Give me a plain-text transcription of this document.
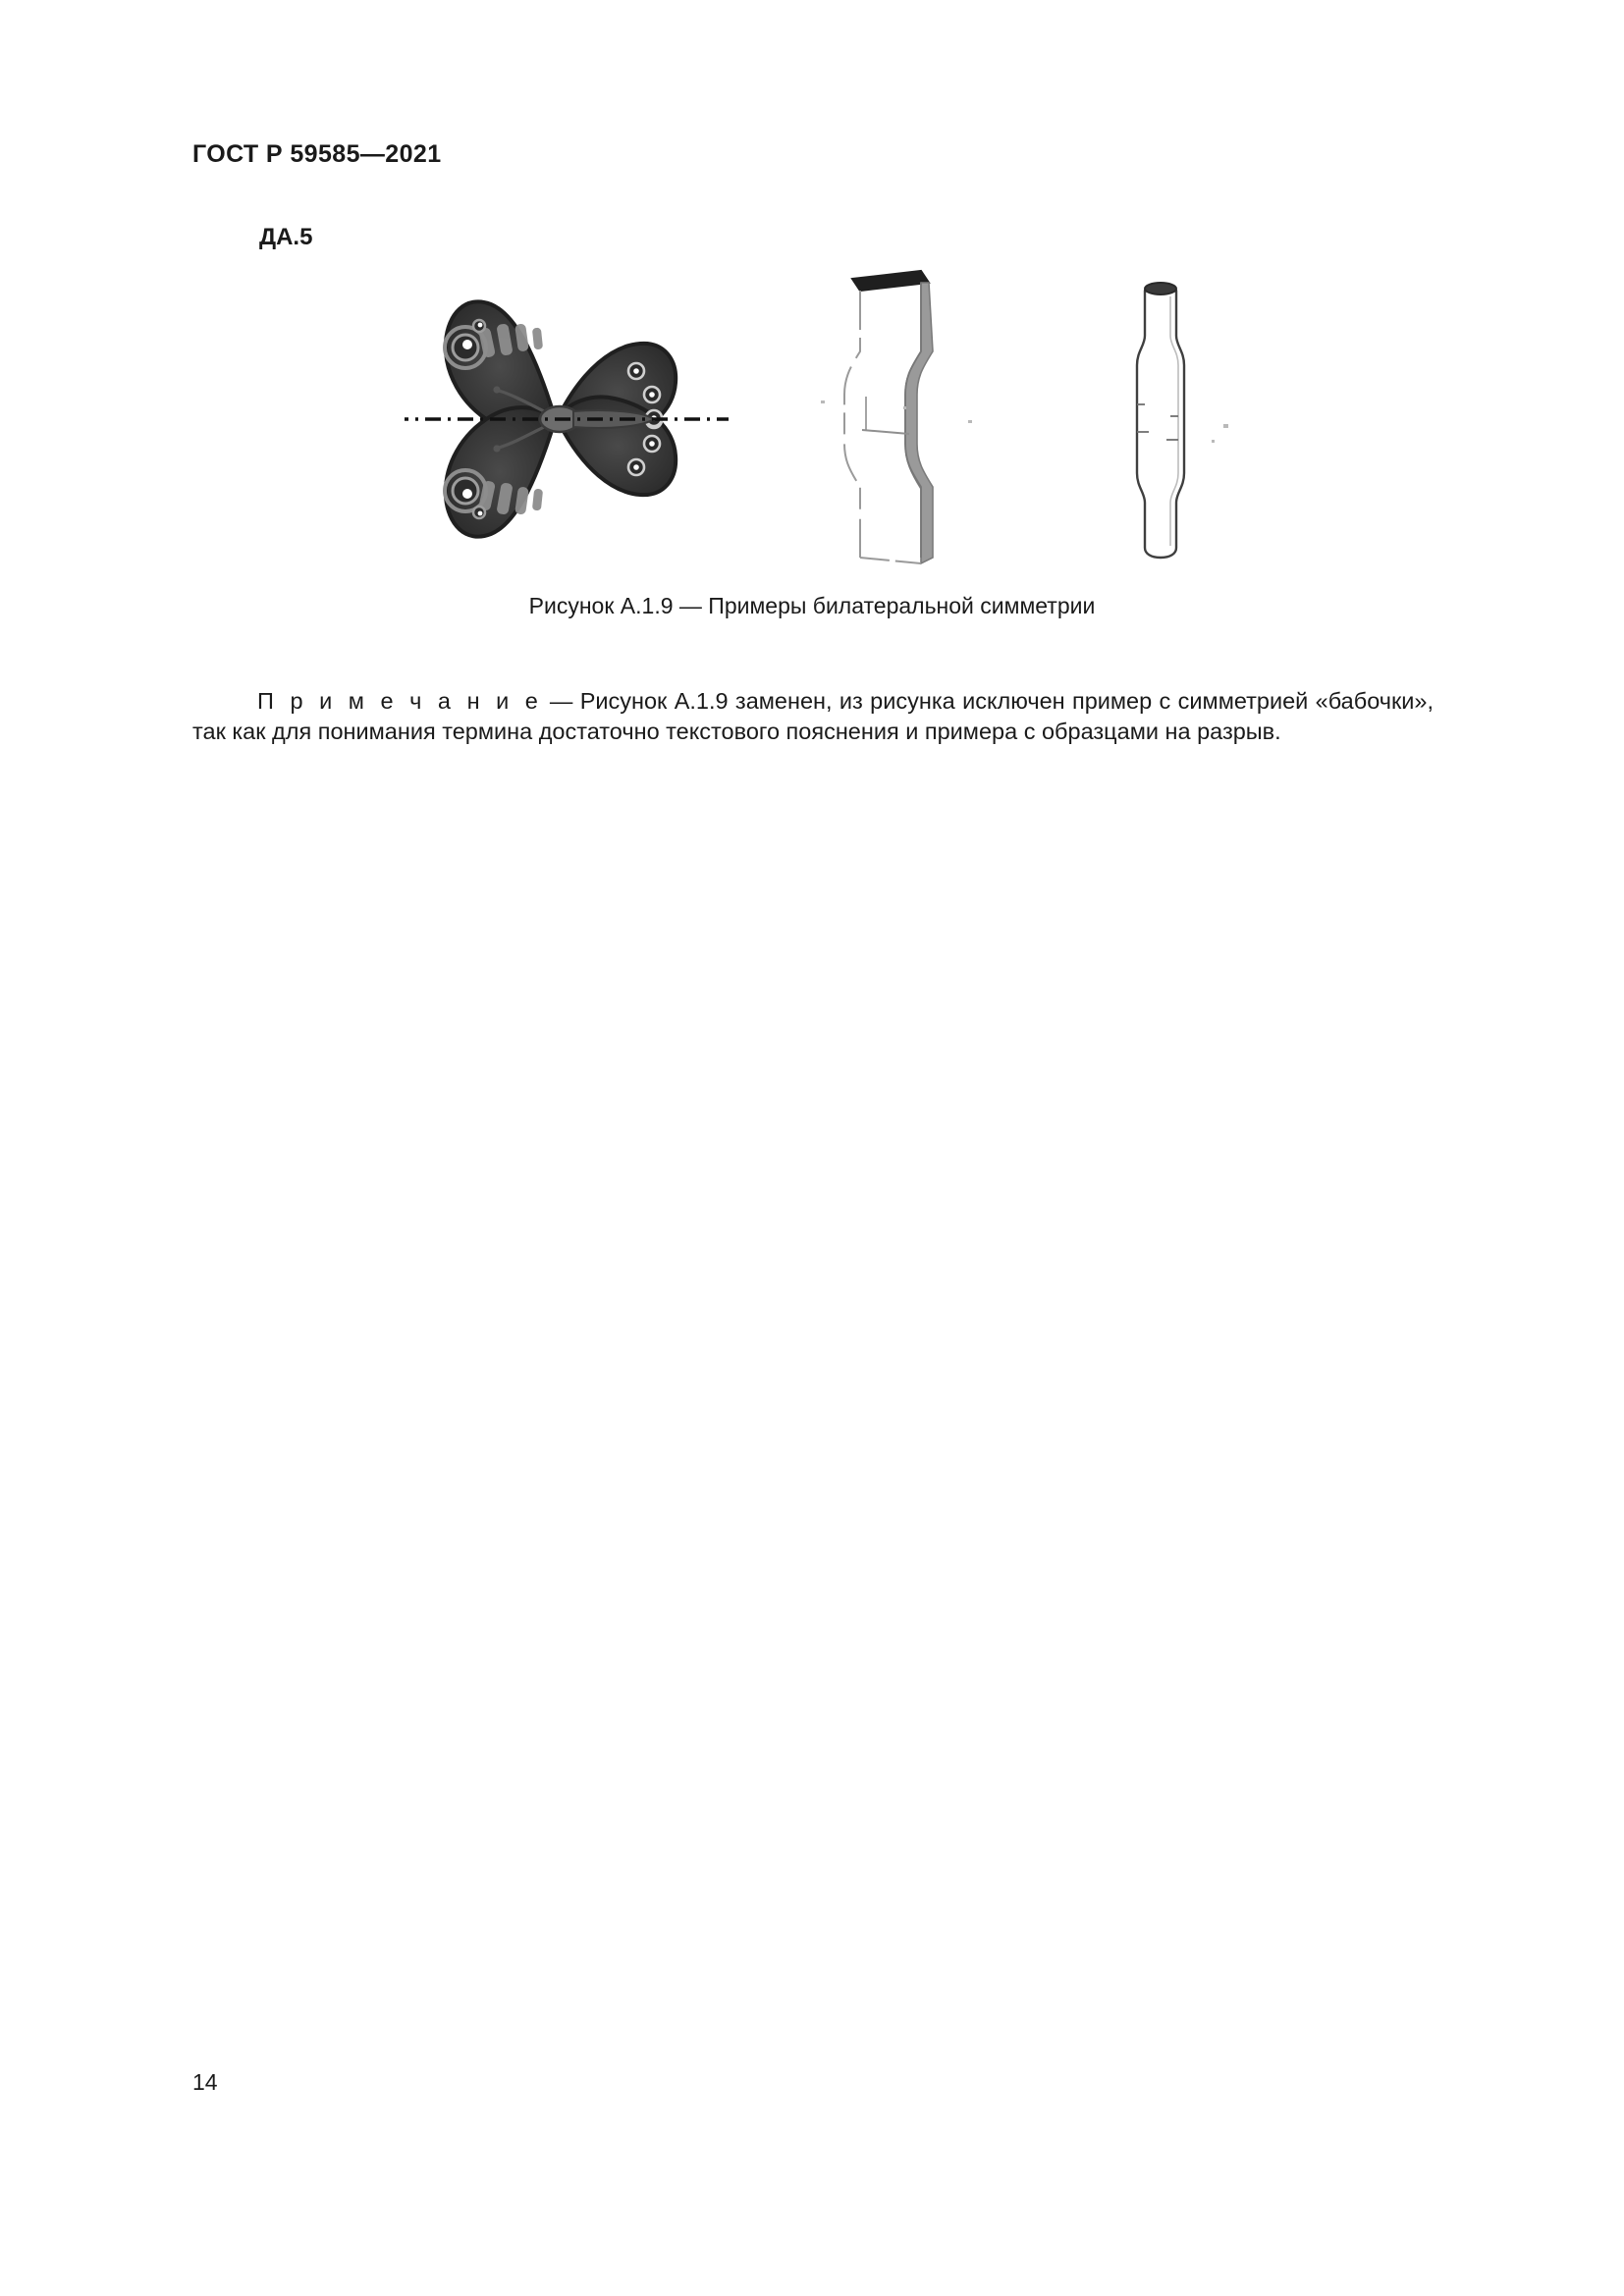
ГОСТ Р 59585—2021
ДА.5
Рисунок А.1.9 — Примеры билатеральной симметрии

П р и м е ч а н и е — Рисунок А.1.9 заменен, из рисунка исключен пример с симметрией «бабочки», так как для понимания термина достаточно текстового пояснения и примера с образцами на разрыв.

14
